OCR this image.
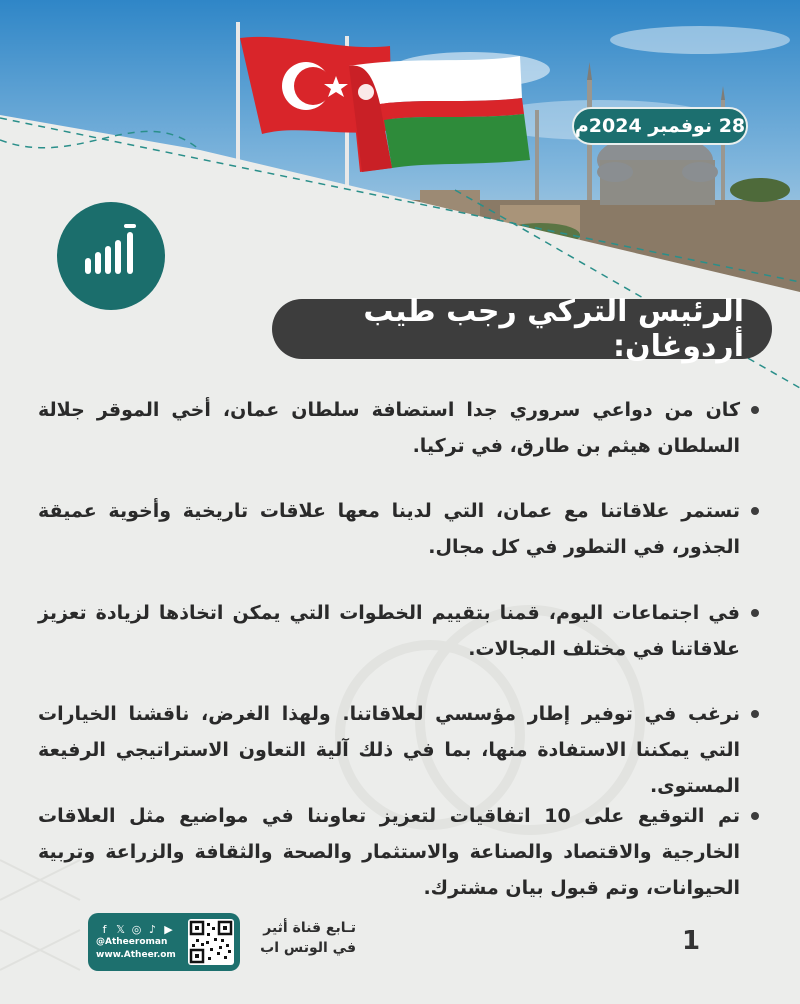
28 نوفمبر 2024م
الرئيس التركي رجب طيب أردوغان:
كان من دواعي سروري جدا استضافة سلطان عمان، أخي الموقر جلالة السلطان هيثم بن طارق، في تركيا.
تستمر علاقاتنا مع عمان، التي لدينا معها علاقات تاريخية وأخوية عميقة الجذور، في التطور في كل مجال.
في اجتماعات اليوم، قمنا بتقييم الخطوات التي يمكن اتخاذها لزيادة تعزيز علاقاتنا في مختلف المجالات.
نرغب في توفير إطار مؤسسي لعلاقاتنا. ولهذا الغرض، ناقشنا الخيارات التي يمكننا الاستفادة منها، بما في ذلك آلية التعاون الاستراتيجي الرفيعة المستوى.
تم التوقيع على 10 اتفاقيات لتعزيز تعاوننا في مواضيع مثل العلاقات الخارجية والاقتصاد والصناعة والاستثمار والصحة والثقافة والزراعة وتربية الحيوانات، وتم قبول بيان مشترك.
f 𝕏 ◎ ♪ ▶
@Atheeroman
www.Atheer.om
تـابع قناة أثير
في الوتس اب	1
